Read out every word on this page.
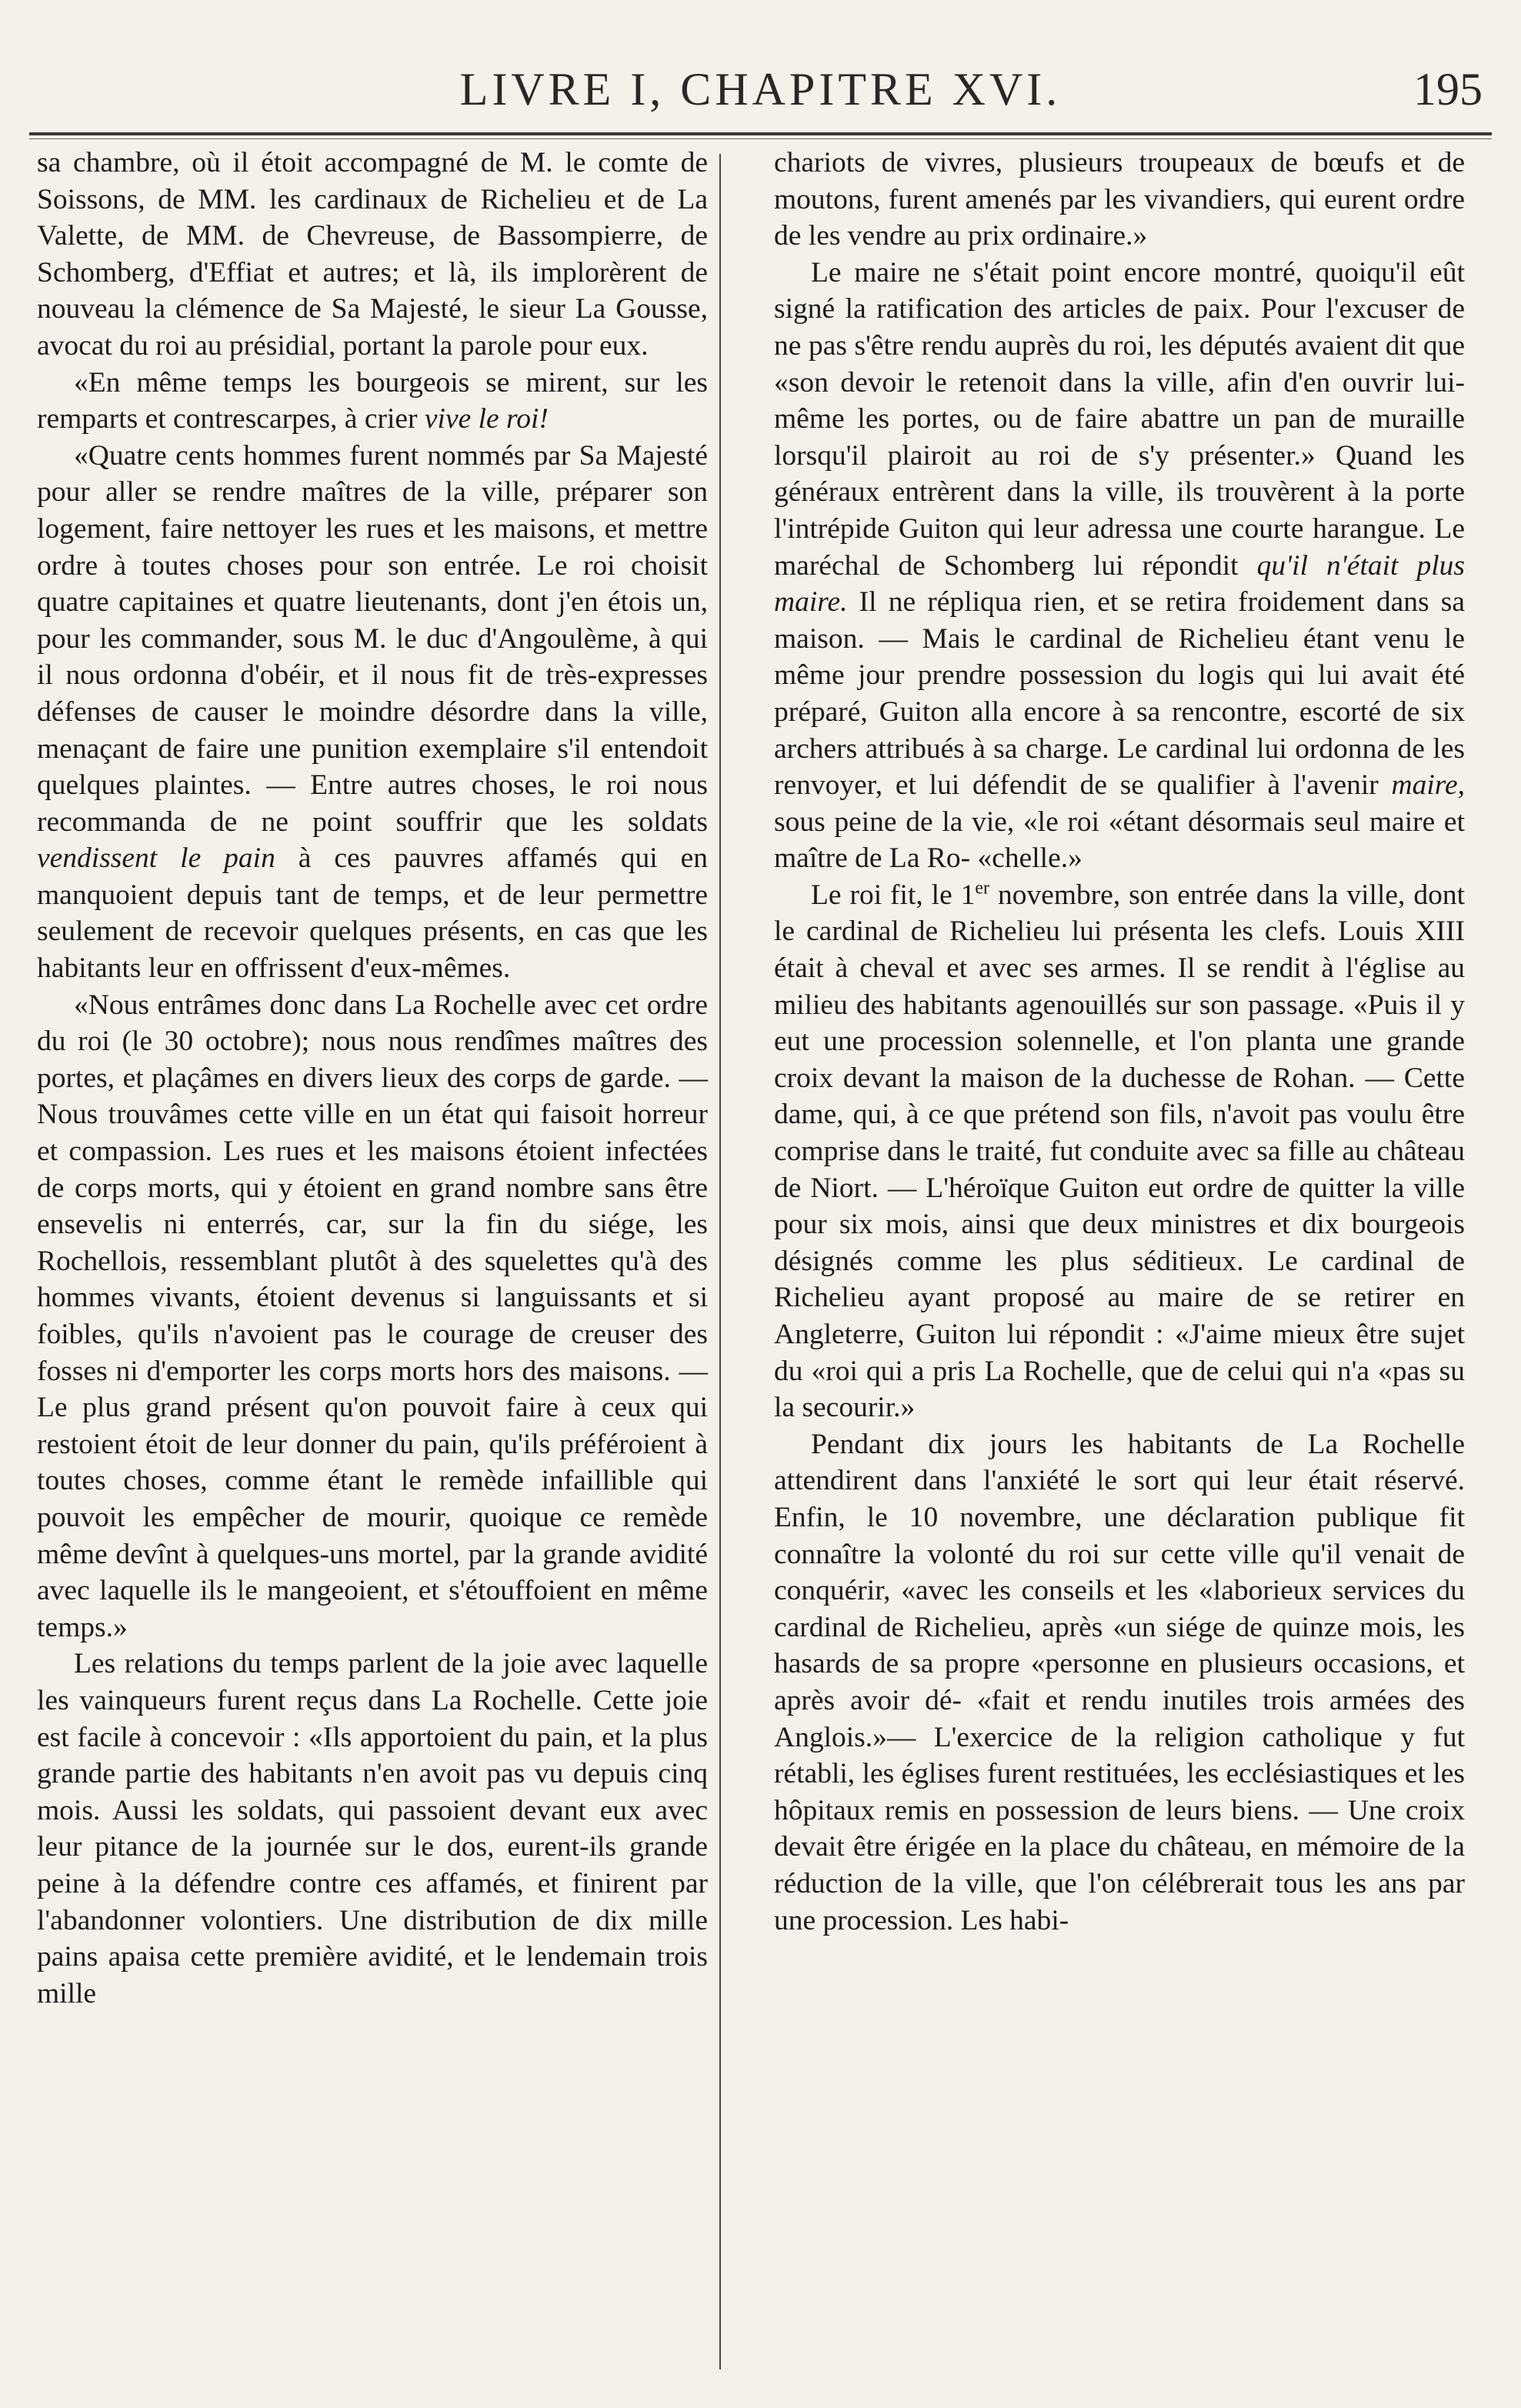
LIVRE I, CHAPITRE XVI.	195

sa chambre, où il étoit accompagné de M. le comte de Soissons, de MM. les cardinaux de Richelieu et de La Valette, de MM. de Chevreuse, de Bassompierre, de Schomberg, d'Effiat et autres; et là, ils implorèrent de nouveau la clémence de Sa Majesté, le sieur La Gousse, avocat du roi au présidial, portant la parole pour eux.

«En même temps les bourgeois se mirent, sur les remparts et contrescarpes, à crier vive le roi!

«Quatre cents hommes furent nommés par Sa Majesté pour aller se rendre maîtres de la ville, préparer son logement, faire nettoyer les rues et les maisons, et mettre ordre à toutes choses pour son entrée. Le roi choisit quatre capitaines et quatre lieutenants, dont j'en étois un, pour les commander, sous M. le duc d'Angoulème, à qui il nous ordonna d'obéir, et il nous fit de très-expresses défenses de causer le moindre désordre dans la ville, menaçant de faire une punition exemplaire s'il entendoit quelques plaintes. — Entre autres choses, le roi nous recommanda de ne point souffrir que les soldats vendissent le pain à ces pauvres affamés qui en manquoient depuis tant de temps, et de leur permettre seulement de recevoir quelques présents, en cas que les habitants leur en offrissent d'eux-mêmes.

«Nous entrâmes donc dans La Rochelle avec cet ordre du roi (le 30 octobre); nous nous rendîmes maîtres des portes, et plaçâmes en divers lieux des corps de garde. —Nous trouvâmes cette ville en un état qui faisoit horreur et compassion. Les rues et les maisons étoient infectées de corps morts, qui y étoient en grand nombre sans être ensevelis ni enterrés, car, sur la fin du siége, les Rochellois, ressemblant plutôt à des squelettes qu'à des hommes vivants, étoient devenus si languissants et si foibles, qu'ils n'avoient pas le courage de creuser des fosses ni d'emporter les corps morts hors des maisons. — Le plus grand présent qu'on pouvoit faire à ceux qui restoient étoit de leur donner du pain, qu'ils préféroient à toutes choses, comme étant le remède infaillible qui pouvoit les empêcher de mourir, quoique ce remède même devînt à quelques-uns mortel, par la grande avidité avec laquelle ils le mangeoient, et s'étouffoient en même temps.»

Les relations du temps parlent de la joie avec laquelle les vainqueurs furent reçus dans La Rochelle. Cette joie est facile à concevoir : «Ils apportoient du pain, et la plus grande partie des habitants n'en avoit pas vu depuis cinq mois. Aussi les soldats, qui passoient devant eux avec leur pitance de la journée sur le dos, eurent-ils grande peine à la défendre contre ces affamés, et finirent par l'abandonner volontiers. Une distribution de dix mille pains apaisa cette première avidité, et le lendemain trois mille

chariots de vivres, plusieurs troupeaux de bœufs et de moutons, furent amenés par les vivandiers, qui eurent ordre de les vendre au prix ordinaire.»

Le maire ne s'était point encore montré, quoiqu'il eût signé la ratification des articles de paix. Pour l'excuser de ne pas s'être rendu auprès du roi, les députés avaient dit que «son devoir le retenoit dans la ville, afin d'en ouvrir lui-même les portes, ou de faire abattre un pan de muraille lorsqu'il plairoit au roi de s'y présenter.» Quand les généraux entrèrent dans la ville, ils trouvèrent à la porte l'intrépide Guiton qui leur adressa une courte harangue. Le maréchal de Schomberg lui répondit qu'il n'était plus maire. Il ne répliqua rien, et se retira froidement dans sa maison. — Mais le cardinal de Richelieu étant venu le même jour prendre possession du logis qui lui avait été préparé, Guiton alla encore à sa rencontre, escorté de six archers attribués à sa charge. Le cardinal lui ordonna de les renvoyer, et lui défendit de se qualifier à l'avenir maire, sous peine de la vie, «le roi «étant désormais seul maire et maître de La Ro- «chelle.»

Le roi fit, le 1er novembre, son entrée dans la ville, dont le cardinal de Richelieu lui présenta les clefs. Louis XIII était à cheval et avec ses armes. Il se rendit à l'église au milieu des habitants agenouillés sur son passage. «Puis il y eut une procession solennelle, et l'on planta une grande croix devant la maison de la duchesse de Rohan. — Cette dame, qui, à ce que prétend son fils, n'avoit pas voulu être comprise dans le traité, fut conduite avec sa fille au château de Niort. — L'héroïque Guiton eut ordre de quitter la ville pour six mois, ainsi que deux ministres et dix bourgeois désignés comme les plus séditieux. Le cardinal de Richelieu ayant proposé au maire de se retirer en Angleterre, Guiton lui répondit : «J'aime mieux être sujet du «roi qui a pris La Rochelle, que de celui qui n'a «pas su la secourir.»

Pendant dix jours les habitants de La Rochelle attendirent dans l'anxiété le sort qui leur était réservé. Enfin, le 10 novembre, une déclaration publique fit connaître la volonté du roi sur cette ville qu'il venait de conquérir, «avec les conseils et les «laborieux services du cardinal de Richelieu, après «un siége de quinze mois, les hasards de sa propre «personne en plusieurs occasions, et après avoir dé- «fait et rendu inutiles trois armées des Anglois.»— L'exercice de la religion catholique y fut rétabli, les églises furent restituées, les ecclésiastiques et les hôpitaux remis en possession de leurs biens. — Une croix devait être érigée en la place du château, en mémoire de la réduction de la ville, que l'on célébrerait tous les ans par une procession. Les habi-
